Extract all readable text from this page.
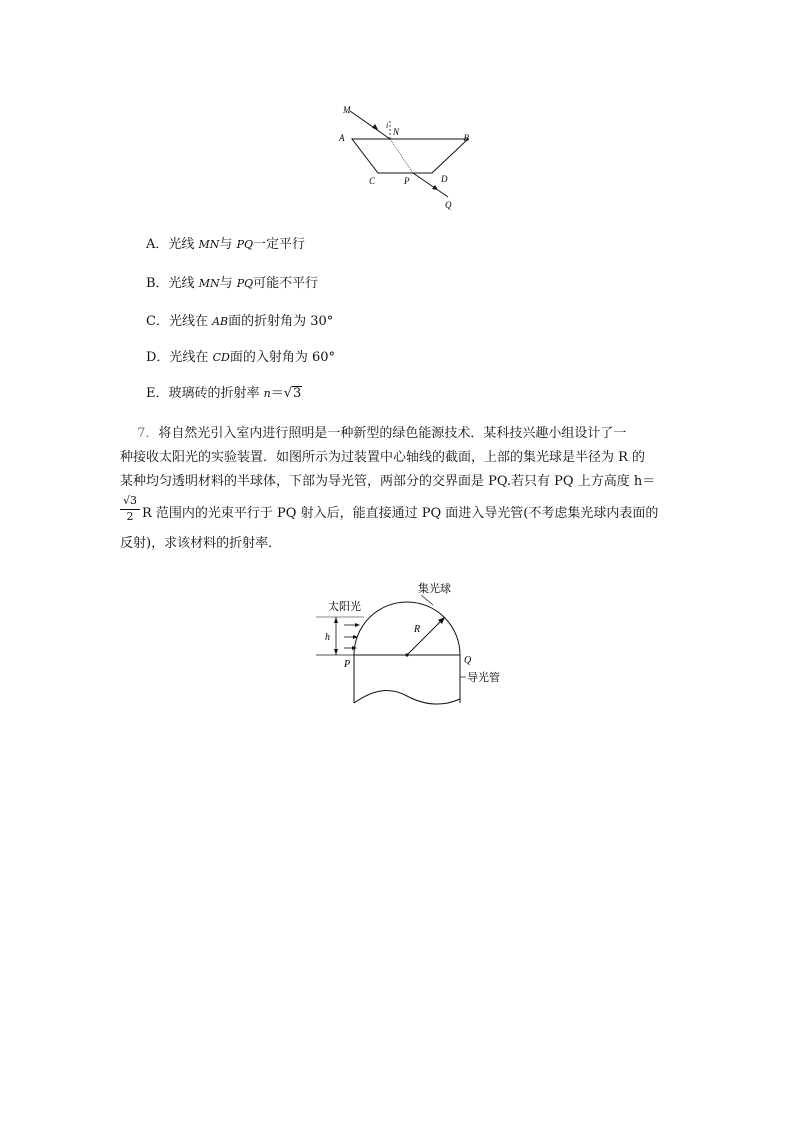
M
i
N
A	B
C	P	D
Q
A．光线 MN与 PQ一定平行
B．光线 MN与 PQ可能不平行
C．光线在 AB面的折射角为 30°
D．光线在 CD面的入射角为 60°
E．玻璃砖的折射率 n＝√3
　 7．将自然光引入室内进行照明是一种新型的绿色能源技术．某科技兴趣小组设计了一
种接收太阳光的实验装置．如图所示为过装置中心轴线的截面，上部的集光球是半径为 R 的
某种均匀透明材料的半球体，下部为导光管，两部分的交界面是 PQ.若只有 PQ 上方高度 h＝
$\frac{√3}{2}$ R 范围内的光束平行于 PQ 射入后，能直接通过 PQ 面进入导光管(不考虑集光球内表面的
反射)，求该材料的折射率．
集光球
太阳光
h
R
P	Q
导光管
